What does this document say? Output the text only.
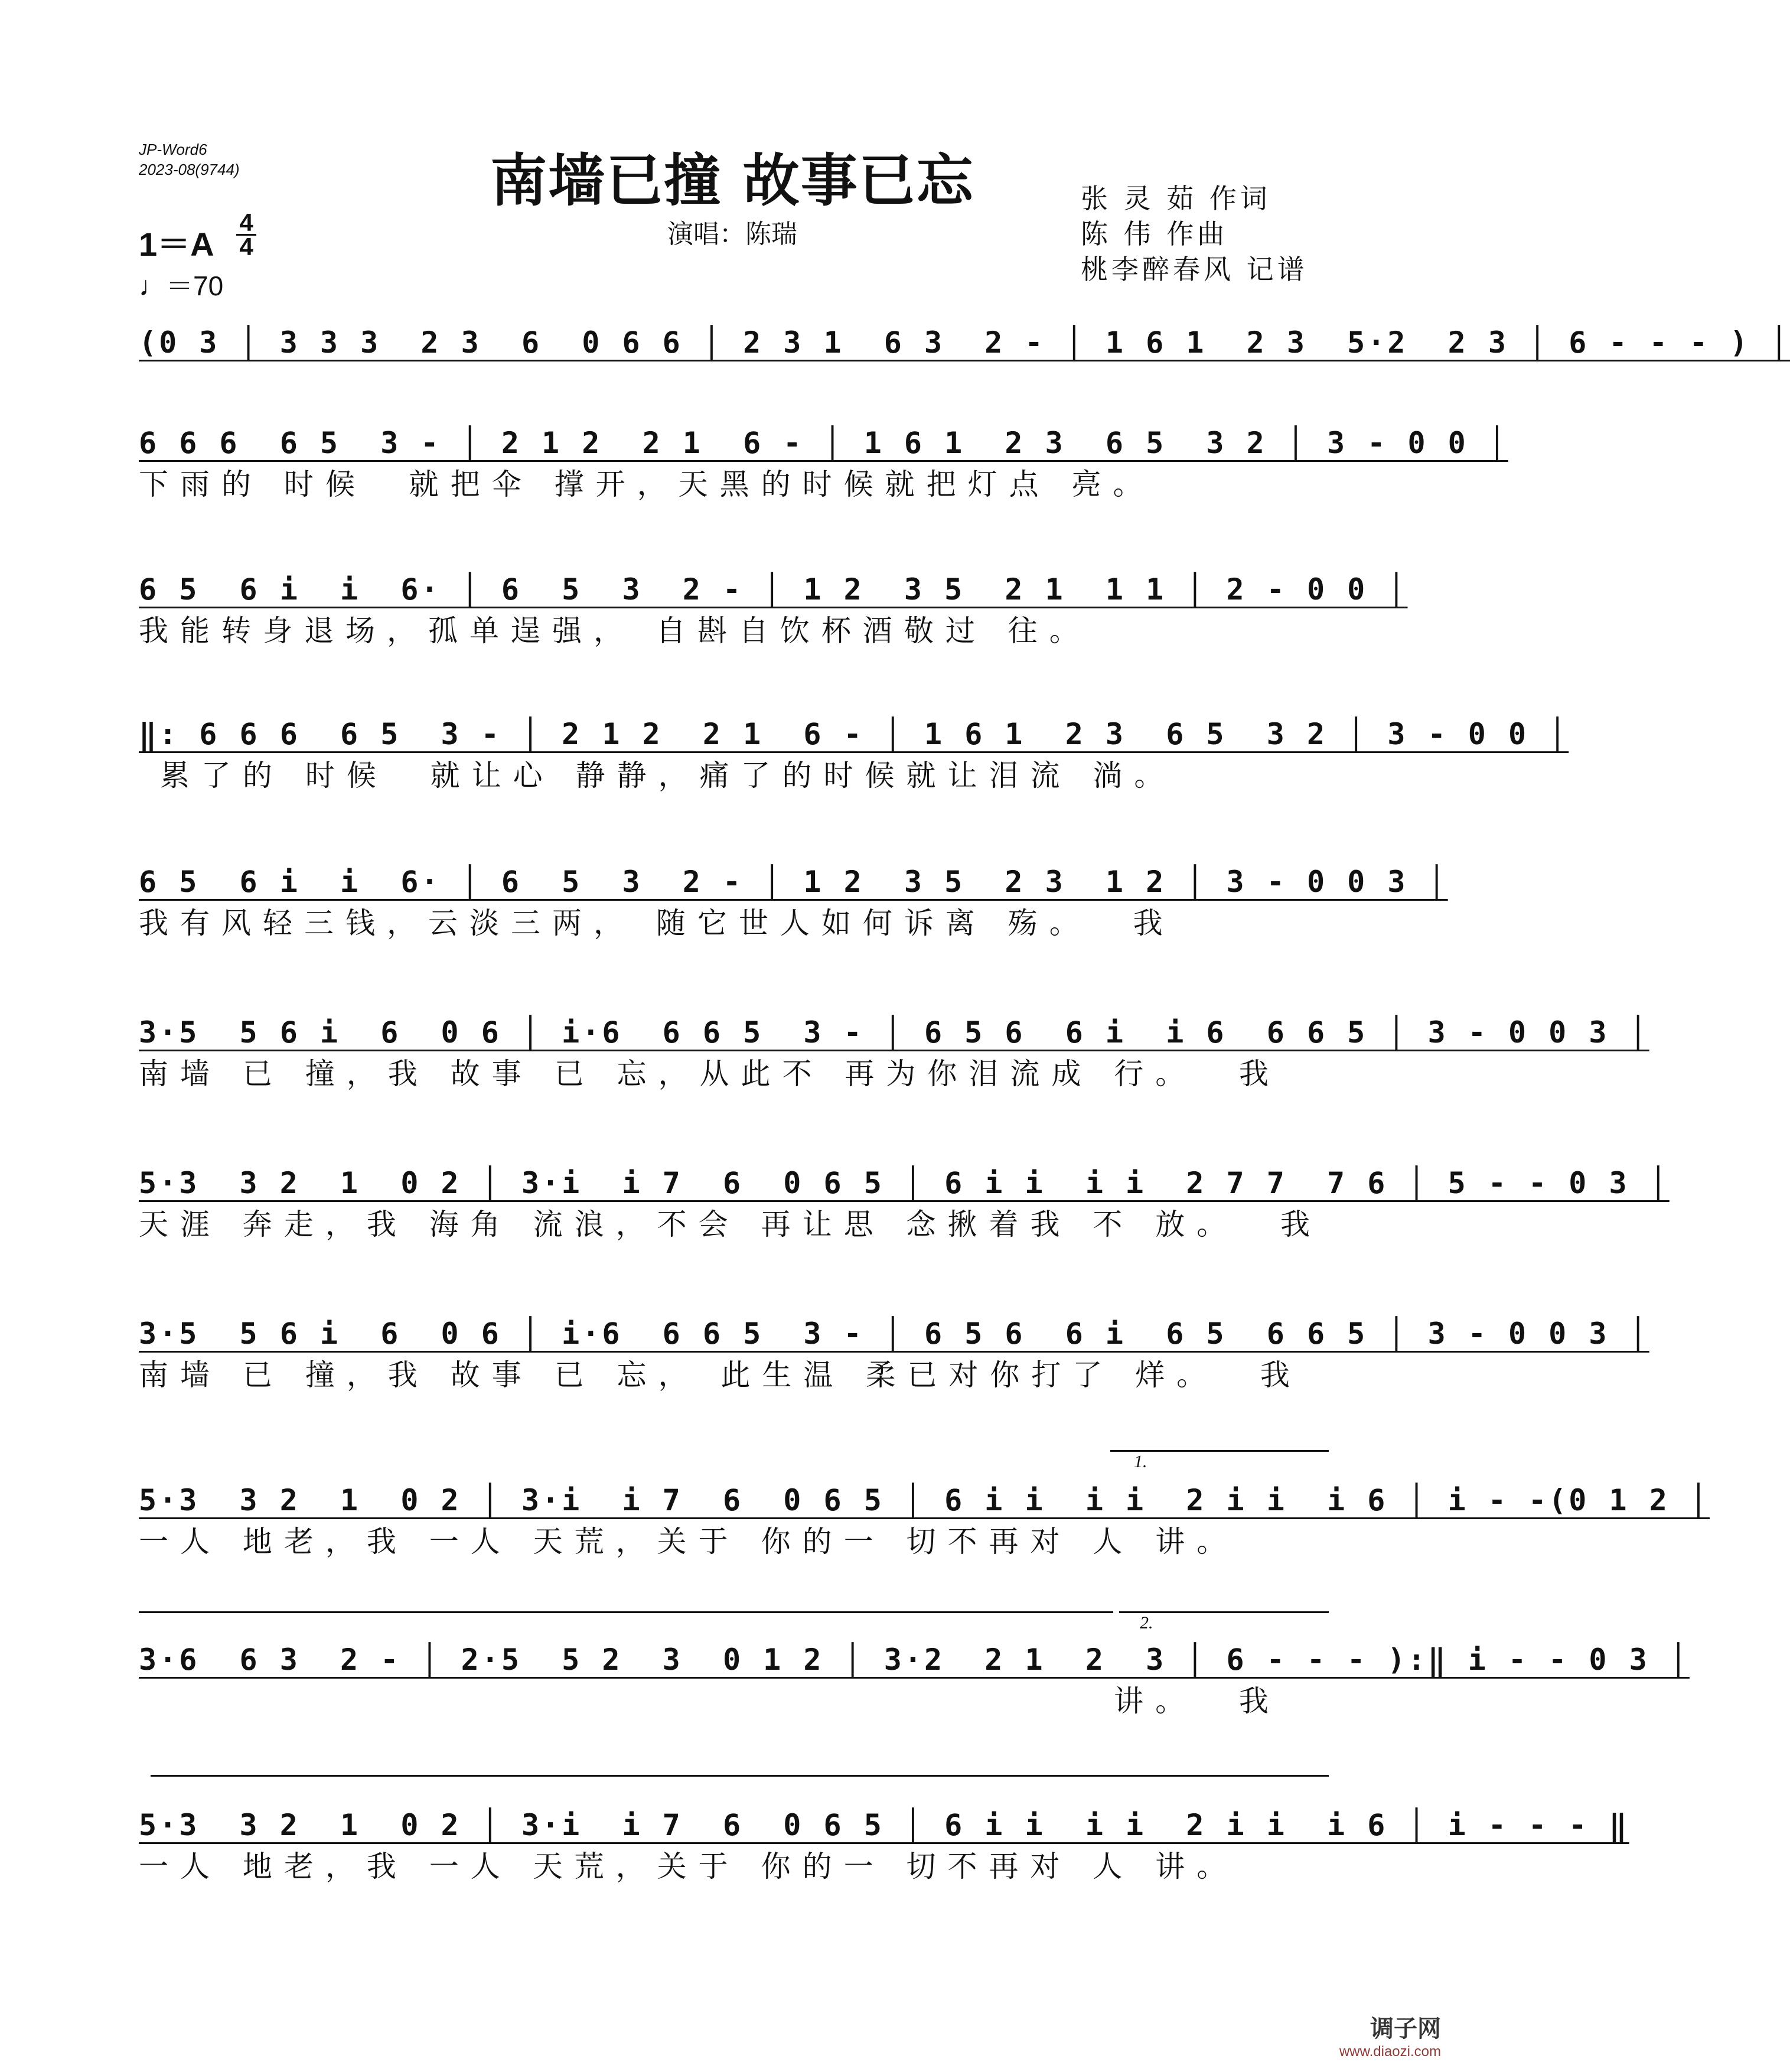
JP-Word6
2023-08(9744)	南墙已撞 故事已忘
演唱：陈瑞
张 灵 茹 作词
陈 伟 作曲
桃李醉春风 记谱
1＝A
4
4
♩＝70
(0 3 │ 3 3 3  2 3  6  0 6 6 │ 2 3 1  6 3  2 - │ 1 6 1  2 3  5·2  2 3 │ 6 - - - ) │
6 6 6  6 5  3 - │ 2 1 2  2 1  6 - │ 1 6 1  2 3  6 5  3 2 │ 3 - 0 0 │
下雨的 时候  就把伞 撑开，天黑的时候就把灯点 亮。
6 5  6 i  i  6· │ 6  5  3  2 - │ 1 2  3 5  2 1  1 1 │ 2 - 0 0 │
我能转身退场，孤单逞强， 自斟自饮杯酒敬过 往。
‖: 6 6 6  6 5  3 - │ 2 1 2  2 1  6 - │ 1 6 1  2 3  6 5  3 2 │ 3 - 0 0 │
累了的 时候  就让心 静静，痛了的时候就让泪流 淌。
6 5  6 i  i  6· │ 6  5  3  2 - │ 1 2  3 5  2 3  1 2 │ 3 - 0 0 3 │
我有风轻三钱，云淡三两， 随它世人如何诉离 殇。  我
3·5  5 6 i  6  0 6 │ i·6  6 6 5  3 - │ 6 5 6  6 i  i 6  6 6 5 │ 3 - 0 0 3 │
南墙 已 撞，我 故事 已 忘，从此不 再为你泪流成 行。  我
5·3  3 2  1  0 2 │ 3·i  i 7  6  0 6 5 │ 6 i i  i i  2 7 7  7 6 │ 5 - - 0 3 │
天涯 奔走，我 海角 流浪，不会 再让思 念揪着我 不 放。  我
3·5  5 6 i  6  0 6 │ i·6  6 6 5  3 - │ 6 5 6  6 i  6 5  6 6 5 │ 3 - 0 0 3 │
南墙 已 撞，我 故事 已 忘， 此生温 柔已对你打了 烊。  我
1.
5·3  3 2  1  0 2 │ 3·i  i 7  6  0 6 5 │ 6 i i  i i  2 i i  i 6 │ i - -(0 1 2 │
一人 地老，我 一人 天荒，关于 你的一 切不再对 人 讲。
2.
3·6  6 3  2 - │ 2·5  5 2  3  0 1 2 │ 3·2  2 1  2  3 │ 6 - - - ):‖ i - - 0 3 │
讲。  我
5·3  3 2  1  0 2 │ 3·i  i 7  6  0 6 5 │ 6 i i  i i  2 i i  i 6 │ i - - - ‖
一人 地老，我 一人 天荒，关于 你的一 切不再对 人 讲。
调子网
www.diaozi.com
